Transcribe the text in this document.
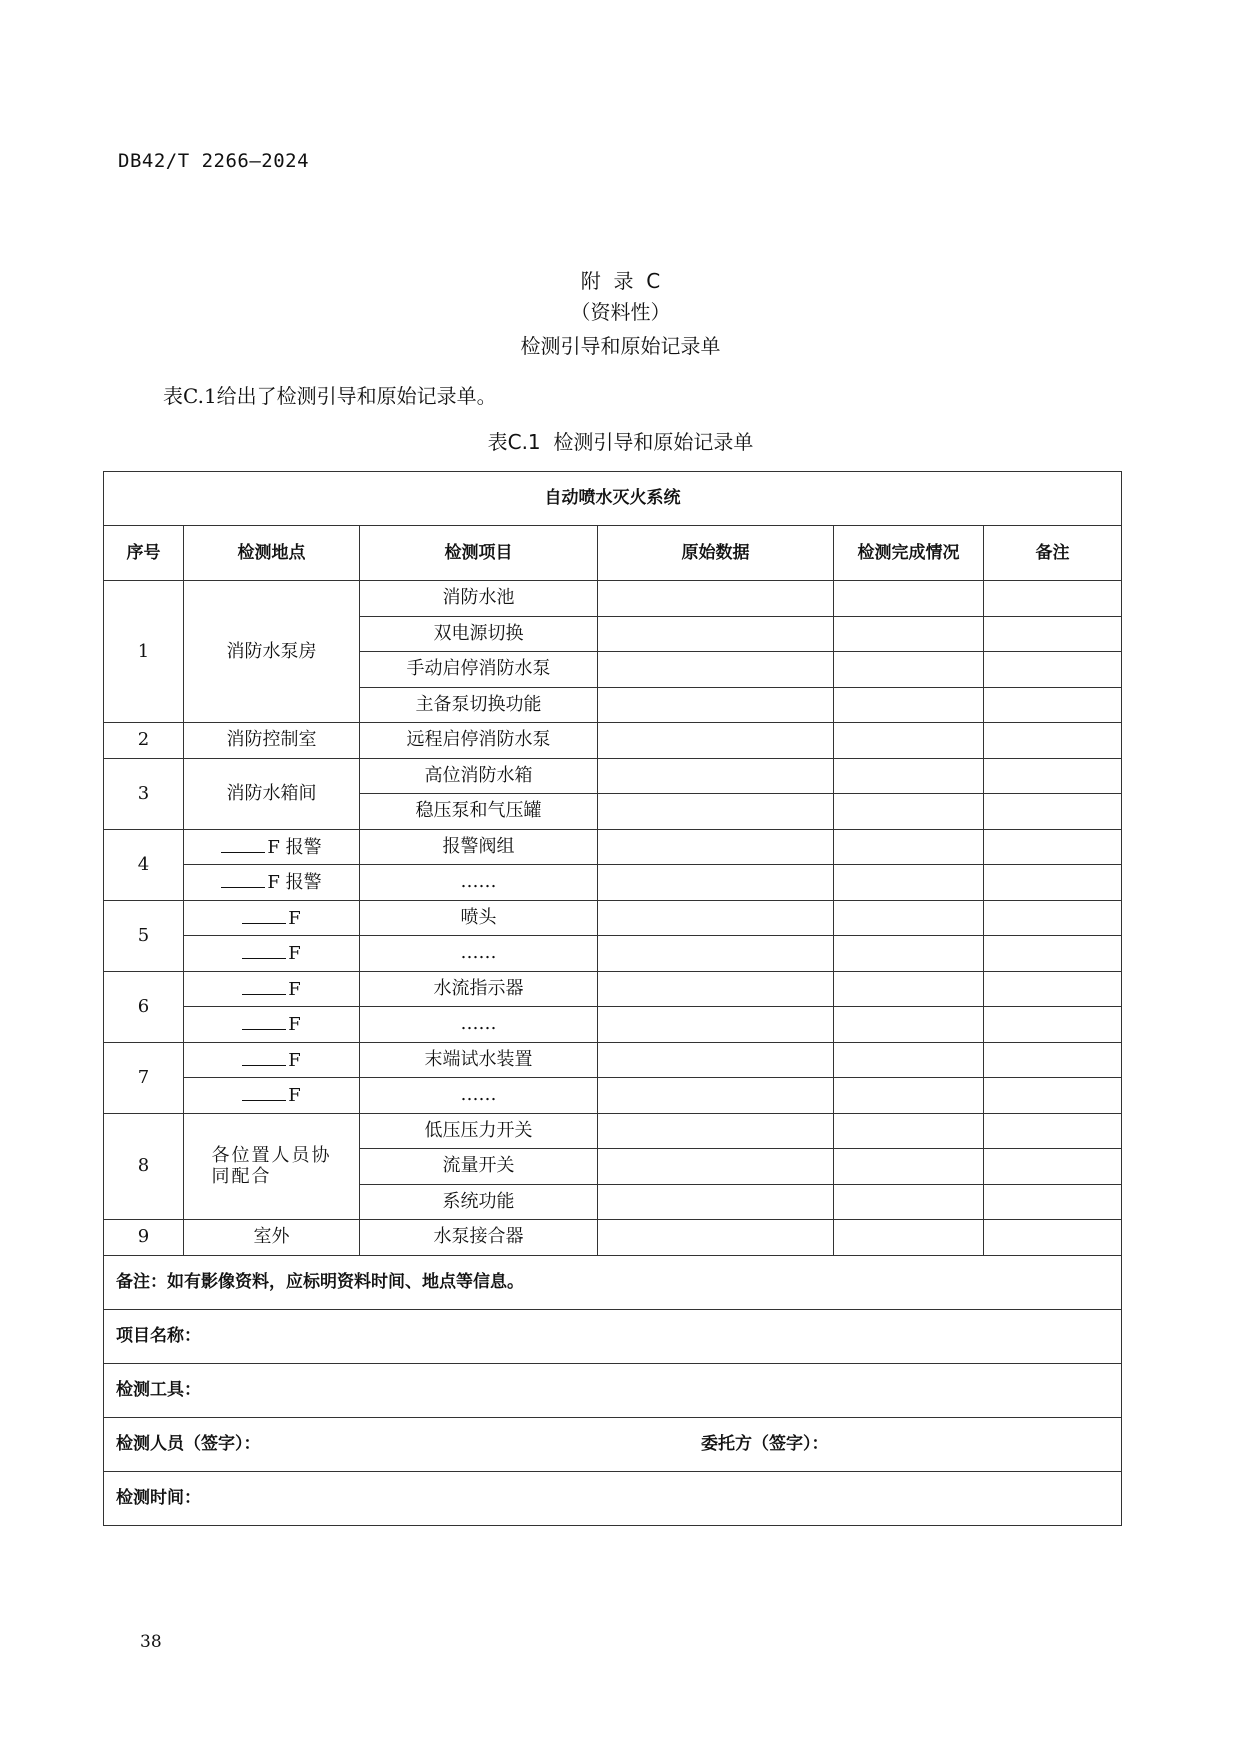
DB42/T 2266—2024
附  录  C
（资料性）
检测引导和原始记录单
表C.1给出了检测引导和原始记录单。
表C.1  检测引导和原始记录单
自动喷水灭火系统					
序号	检测地点	检测项目	原始数据	检测完成情况	备注
1	消防水泵房	消防水池			
		双电源切换			
		手动启停消防水泵			
		主备泵切换功能			
2	消防控制室	远程启停消防水泵			
3	消防水箱间	高位消防水箱			
		稳压泵和气压罐			
4	F 报警	报警阀组			
	F 报警	……			
5	F	喷头			
	F	……			
6	F	水流指示器			
	F	……			
7	F	末端试水装置			
	F	……			
8	各位置人员协同配合	低压压力开关			
		流量开关			
		系统功能			
9	室外	水泵接合器			
备注：如有影像资料，应标明资料时间、地点等信息。					
项目名称：					
检测工具：					
检测人员（签字）： 委托方（签字）：					

检测时间：					
38
